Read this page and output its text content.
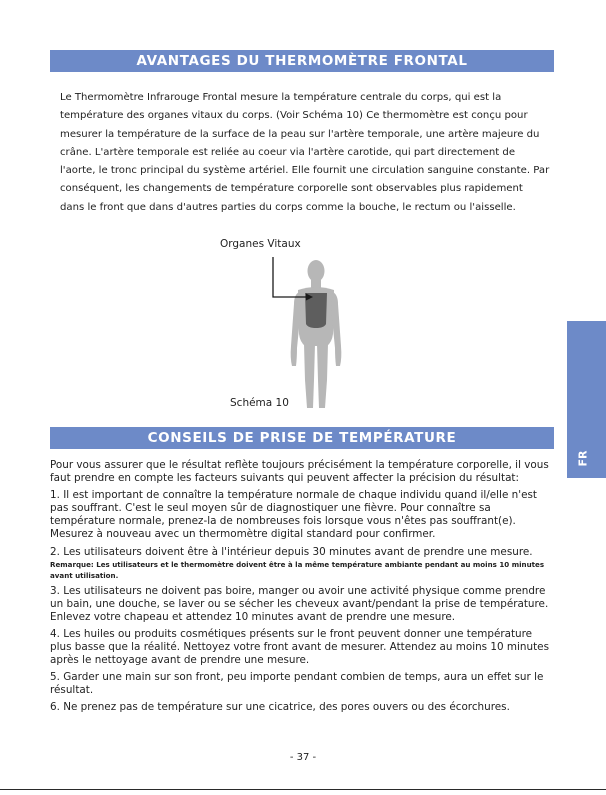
AVANTAGES DU THERMOMÈTRE FRONTAL

Le Thermomètre Infrarouge Frontal mesure la température centrale du corps, qui est la température des organes vitaux du corps. (Voir Schéma 10) Ce thermomètre est conçu pour mesurer la température de la surface de la peau sur l'artère temporale, une artère majeure du crâne. L'artère temporale est reliée au coeur via l'artère carotide, qui part directement de l'aorte, le tronc principal du système artériel. Elle fournit une circulation sanguine constante. Par conséquent, les changements de température corporelle sont observables plus rapidement dans le front que dans d'autres parties du corps comme la bouche, le rectum ou l'aisselle.

Organes Vitaux
Schéma 10
CONSEILS DE PRISE DE TEMPÉRATURE

Pour vous assurer que le résultat reflète toujours précisément la température corporelle, il vous faut prendre en compte les facteurs suivants qui peuvent affecter la précision du résultat:

1. Il est important de connaître la température normale de chaque individu quand il/elle n'est pas souffrant. C'est le seul moyen sûr de diagnostiquer une fièvre. Pour connaître sa température normale, prenez-la de nombreuses fois lorsque vous n'êtes pas souffrant(e). Mesurez à nouveau avec un thermomètre digital standard pour confirmer.

2. Les utilisateurs doivent être à l'intérieur depuis 30 minutes avant de prendre une mesure.

Remarque: Les utilisateurs et le thermomètre doivent être à la même température ambiante pendant au moins 10 minutes avant utilisation.

3. Les utilisateurs ne doivent pas boire, manger ou avoir une activité physique comme prendre un bain, une douche, se laver ou se sécher les cheveux avant/pendant la prise de température. Enlevez votre chapeau et attendez 10 minutes avant de prendre une mesure.

4. Les huiles ou produits cosmétiques présents sur le front peuvent donner une température plus basse que la réalité. Nettoyez votre front avant de mesurer. Attendez au moins 10 minutes après le nettoyage avant de prendre une mesure.

5. Garder une main sur son front, peu importe pendant combien de temps, aura un effet sur le résultat.

6. Ne prenez pas de température sur une cicatrice, des pores ouvers ou des écorchures.

- 37 -
FR
